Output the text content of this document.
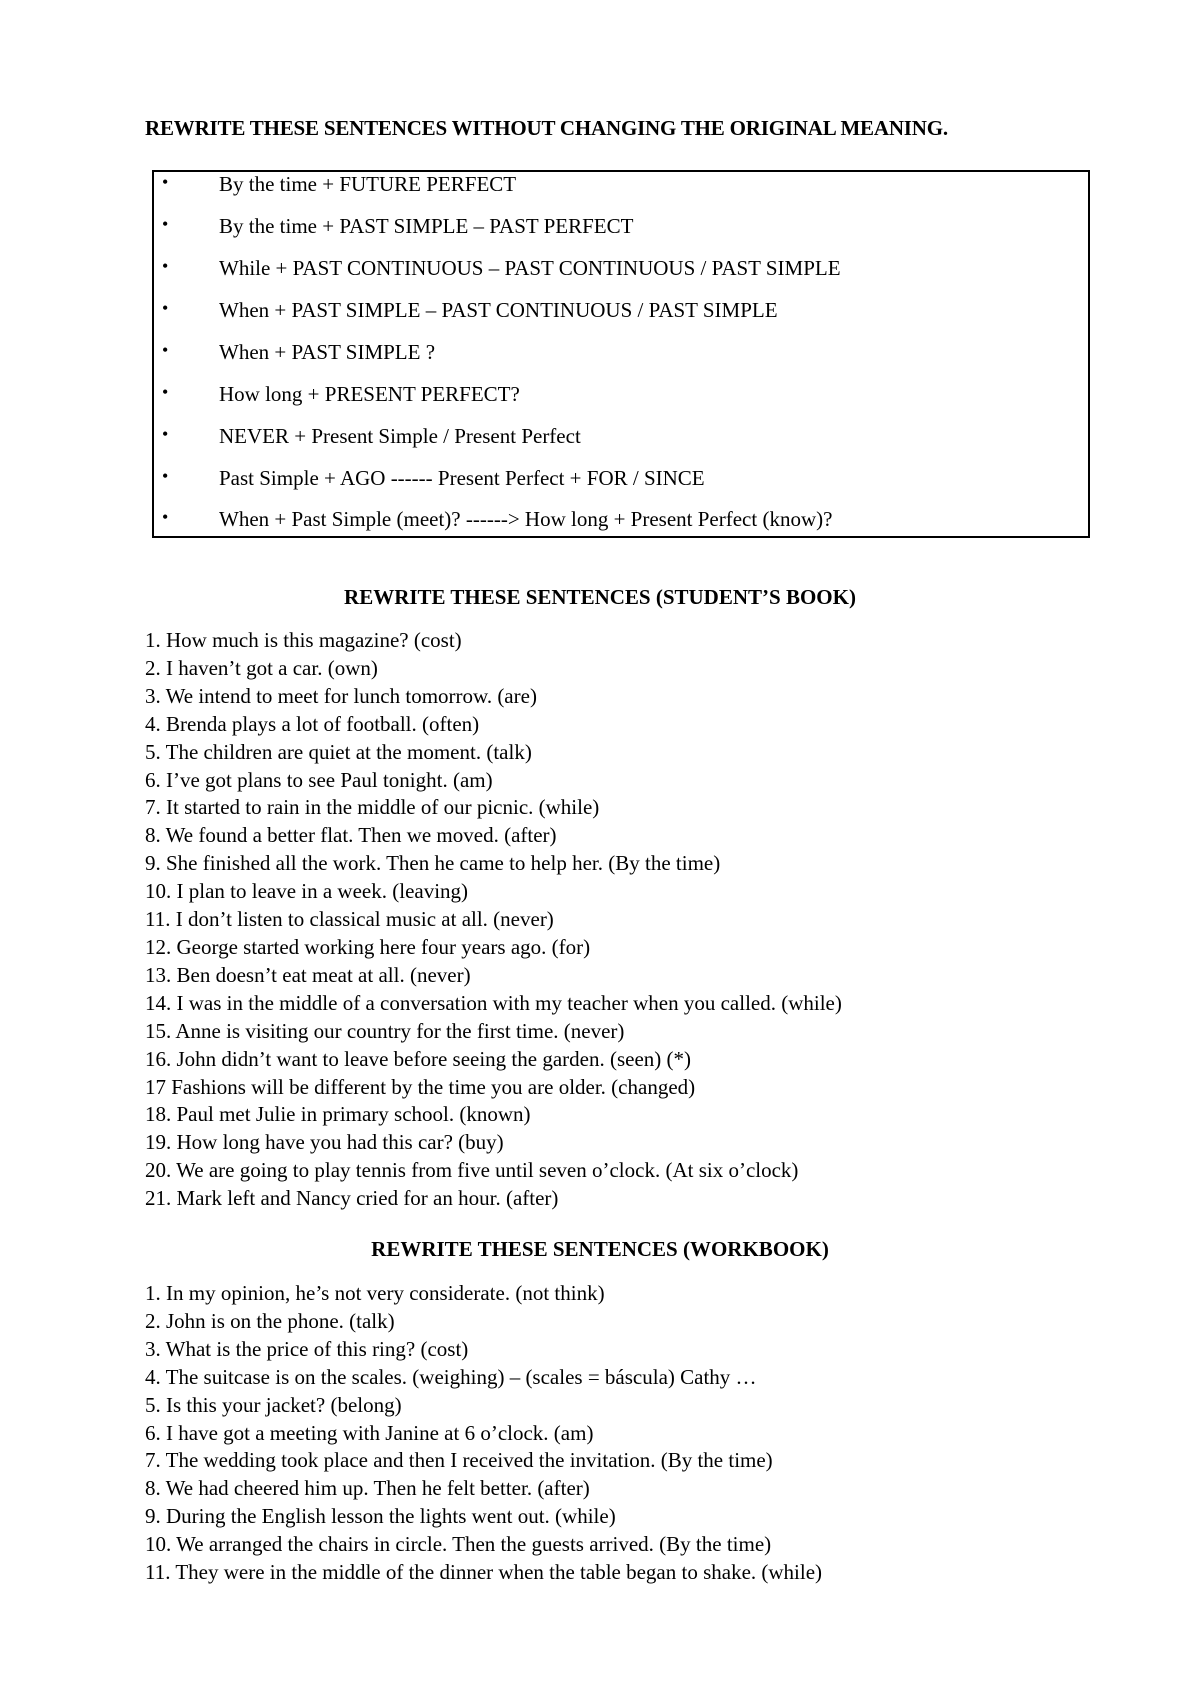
REWRITE THESE SENTENCES WITHOUT CHANGING THE ORIGINAL MEANING.
• By the time + FUTURE PERFECT
• By the time + PAST SIMPLE – PAST PERFECT
• While + PAST CONTINUOUS – PAST CONTINUOUS / PAST SIMPLE
• When + PAST SIMPLE – PAST CONTINUOUS / PAST SIMPLE
• When + PAST SIMPLE ?
• How long + PRESENT PERFECT?
• NEVER + Present Simple / Present Perfect
• Past Simple + AGO ------ Present Perfect + FOR / SINCE
• When + Past Simple (meet)? ------> How long + Present Perfect (know)?
REWRITE THESE SENTENCES (STUDENT’S BOOK)
1. How much is this magazine? (cost)
2. I haven’t got a car. (own)
3. We intend to meet for lunch tomorrow. (are)
4. Brenda plays a lot of football. (often)
5. The children are quiet at the moment. (talk)
6. I’ve got plans to see Paul tonight. (am)
7. It started to rain in the middle of our picnic. (while)
8. We found a better flat. Then we moved. (after)
9. She finished all the work. Then he came to help her. (By the time)
10. I plan to leave in a week. (leaving)
11. I don’t listen to classical music at all. (never)
12. George started working here four years ago. (for)
13. Ben doesn’t eat meat at all. (never)
14. I was in the middle of a conversation with my teacher when you called. (while)
15. Anne is visiting our country for the first time. (never)
16. John didn’t want to leave before seeing the garden. (seen) (*)
17 Fashions will be different by the time you are older. (changed)
18. Paul met Julie in primary school. (known)
19. How long have you had this car? (buy)
20. We are going to play tennis from five until seven o’clock. (At six o’clock)
21. Mark left and Nancy cried for an hour. (after)
REWRITE THESE SENTENCES (WORKBOOK)
1. In my opinion, he’s not very considerate. (not think)
2. John is on the phone. (talk)
3. What is the price of this ring? (cost)
4. The suitcase is on the scales. (weighing) – (scales = báscula) Cathy …
5. Is this your jacket? (belong)
6. I have got a meeting with Janine at 6 o’clock. (am)
7. The wedding took place and then I received the invitation. (By the time)
8. We had cheered him up. Then he felt better. (after)
9. During the English lesson the lights went out. (while)
10. We arranged the chairs in circle. Then the guests arrived. (By the time)
11. They were in the middle of the dinner when the table began to shake. (while)
